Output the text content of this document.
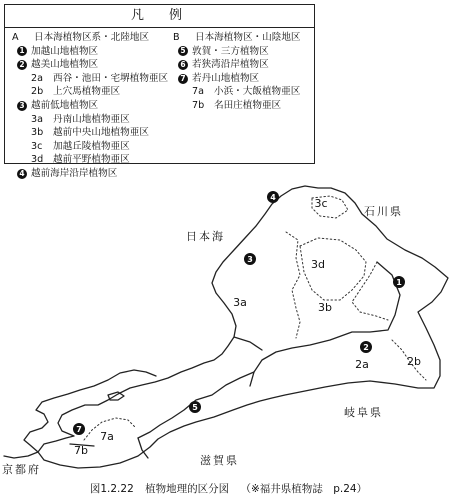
凡　例
A	日本海植物区系・北陸地区
1 加越山地植物区
2 越美山地植物区
2a	西谷・池田・宅堺植物亜区
2b	上穴馬植物亜区
3 越前低地植物区
3a	丹南山地植物亜区
3b	越前中央山地植物亜区
3c	加越丘陵植物亜区
3d	越前平野植物亜区
4 越前海岸沿岸植物区
B	日本海植物区・山陰地区
5 敦賀・三方植物区
6 若狭湾沿岸植物区
7 若丹山地植物区
7a	小浜・大飯植物亜区
7b	名田庄植物亜区
4
3
1
2
5
7
3c
3d
3a	3b
2a	2b
7a
7b
日本海
石川県
岐阜県
滋賀県
京都府
図1.2.22 植物地理的区分図 （※福井県植物誌　p.24）
